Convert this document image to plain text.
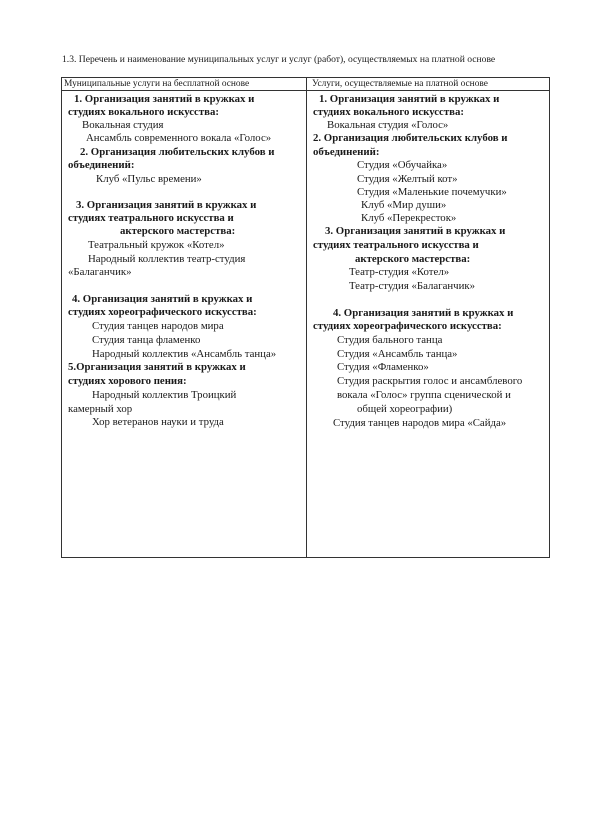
1.3. Перечень и наименование муниципальных услуг и услуг (работ), осуществляемых на платной основе
Муниципальные услуги на бесплатной основе	Услуги, осуществляемые на платной основе
1. Организация занятий в кружках и
студиях вокального искусства:
Вокальная студия
Ансамбль современного вокала «Голос»
2. Организация любительских клубов и
объединений:
Клуб «Пульс времени»
3. Организация занятий в кружках и
студиях театрального искусства и
актерского мастерства:
Театральный кружок «Котел»
Народный коллектив театр-студия
«Балаганчик»
4. Организация занятий в кружках и
студиях хореографического искусства:
Студия танцев народов мира
Студия танца фламенко
Народный коллектив «Ансамбль танца»
5.Организация занятий в кружках и
студиях хорового пения:
Народный коллектив Троицкий
камерный хор
Хор ветеранов науки и труда
1. Организация занятий в кружках и
студиях вокального искусства:
Вокальная студия «Голос»
2. Организация любительских клубов и
объединений:
Студия «Обучайка»
Студия «Желтый кот»
Студия «Маленькие почемучки»
Клуб «Мир души»
Клуб «Перекресток»
3. Организация занятий в кружках и
студиях театрального искусства и
актерского мастерства:
Театр-студия «Котел»
Театр-студия «Балаганчик»
4. Организация занятий в кружках и
студиях хореографического искусства:
Студия бального танца
Студия «Ансамбль танца»
Студия «Фламенко»
Студия раскрытия голос и ансамблевого
вокала «Голос» группа сценической и
общей хореографии)
Студия танцев народов мира «Сайда»
